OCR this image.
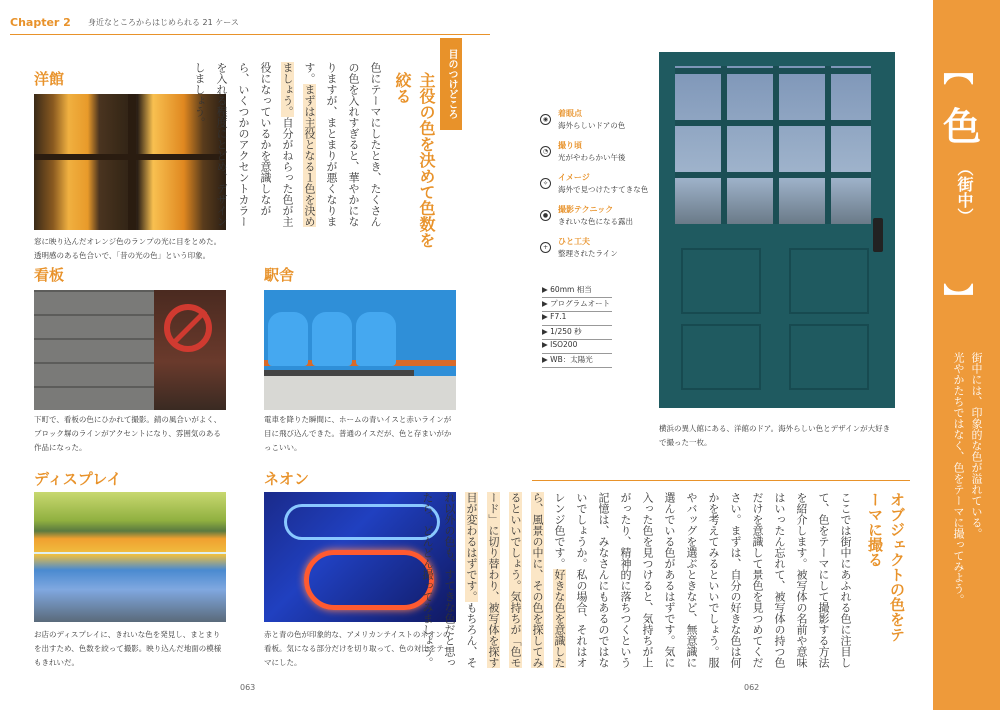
Chapter 2 身近なところからはじめられる 21 ケース
洋館
窓に映り込んだオレンジ色のランプの光に目をとめた。透明感のある色合いで、「昔の光の色」という印象。
看板
下町で、看板の色にひかれて撮影。錆の風合いがよく、ブロック塀のラインがアクセントになり、雰囲気のある作品になった。
駅舎
電車を降りた瞬間に、ホームの青いイスと赤いラインが目に飛び込んできた。普通のイスだが、色と存まいがかっこいい。
ディスプレイ
お店のディスプレイに、きれいな色を発見し、まとまりを出すため、色数を絞って撮影。映り込んだ地面の模様もきれいだ。
ネオン
赤と青の色が印象的な、アメリカンテイストのネオンの看板。気になる部分だけを切り取って、色の対比をテーマにした。
目のつけどころ
主役の色を決めて色数を絞る
色にテーマにしたとき、たくさんの色を入れすぎると、華やかになりますが、まとまりが悪くなります。まずは主役となる１色を決めましょう。自分がねらった色が主役になっているかを意識しながら、いくつかのアクセントカラーを入れる程度にとどめ、デザインしましょう。
063
横浜の異人館にある、洋館のドア。海外らしい色とデザインが大好きで撮った一枚。
◉
着眼点
海外らしいドアの色
◔
撮り頃
光がやわらかい午後
✧
イメージ
海外で見つけたすてきな色
●
撮影テクニック
きれいな色になる露出
+
ひと工夫
整理されたライン
▶ 60mm 相当
▶ プログラムオート
▶ F7.1
▶ 1/250 秒
▶ ISO200
▶ WB：太陽光
オブジェクトの色をテーマに撮る
ここでは街中にあふれる色に注目して、色をテーマにして撮影する方法を紹介します。被写体の名前や意味はいったん忘れて、被写体の持つ色だけを意識して景色を見つめてください。まずは、自分の好きな色は何かを考えてみるといいでしょう。服やバッグを選ぶときなど、無意識に選んでいる色があるはずです。気に入った色を見つけると、気持ちが上がったり、精神的に落ちつくという記憶は、みなさんにもあるのではないでしょうか。私の場合、それはオレンジ色です。好きな色を意識したら、風景の中に、その色を探してみるといいでしょう。気持ちが「色モード」に切り替わり、被写体を探す目が変わるはずです。もちろん、それ以外の色も、すてきな色だと思ったら、どんどん撮ってみましょう。
062
【
色
（街中）
】
街中には、印象的な色が溢れている。
光やかたちではなく、色をテーマに撮ってみよう。
